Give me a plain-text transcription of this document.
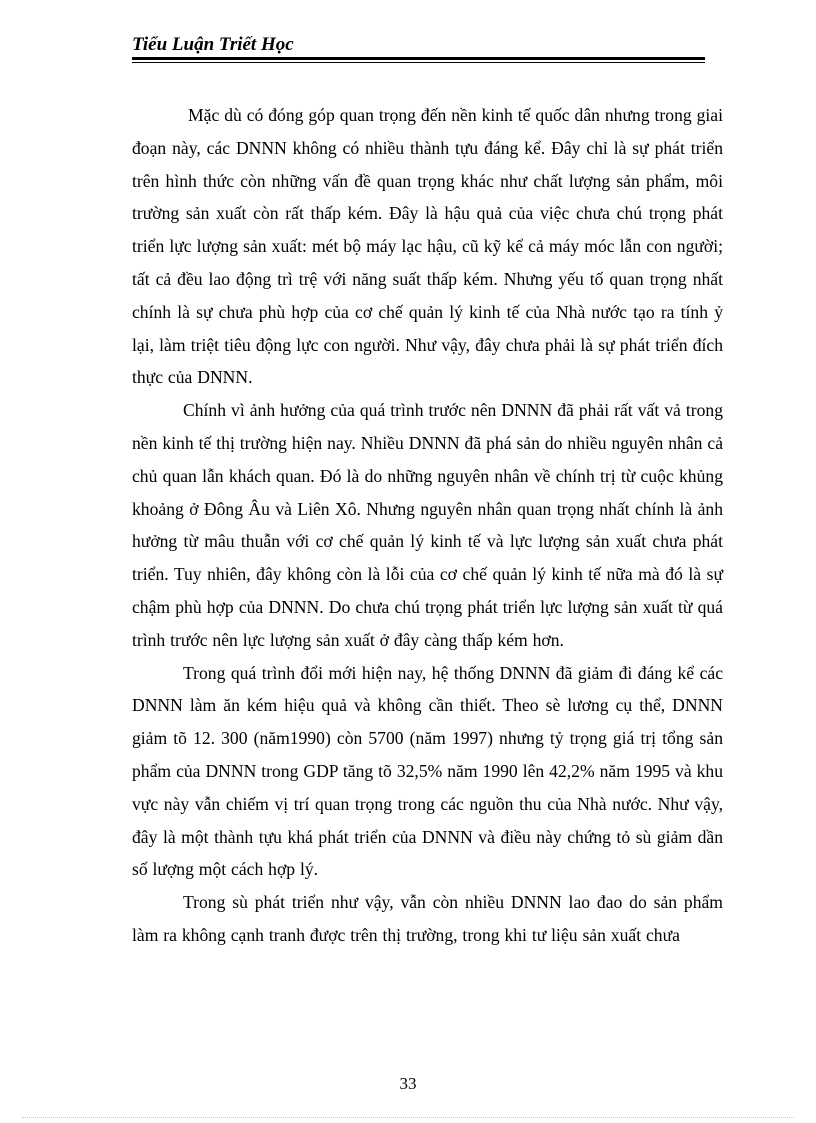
Tiểu Luận Triết Học

Mặc dù có đóng góp quan trọng đến nền kinh tế quốc dân nhưng trong giai đoạn này, các DNNN không có nhiều thành tựu đáng kể. Đây chỉ là sự phát triển trên hình thức còn những vấn đề quan trọng khác như chất lượng sản phẩm, môi trường sản xuất còn rất thấp kém. Đây là hậu quả của việc chưa chú trọng phát triển lực lượng sản xuất: mét bộ máy lạc hậu, cũ kỹ kể cả máy móc lẫn con người; tất cả đều lao động trì trệ với năng suất thấp kém. Nhưng yếu tố quan trọng nhất chính là sự chưa phù hợp của cơ chế quản lý kinh tế của Nhà nước tạo ra tính ỷ lại, làm triệt tiêu động lực con người. Như vậy, đây chưa phải là sự phát triển đích thực của DNNN.

Chính vì ảnh hưởng của quá trình trước nên DNNN đã phải rất vất vả trong nền kinh tế thị trường hiện nay. Nhiều DNNN đã phá sản do nhiều nguyên nhân cả chủ quan lẫn khách quan. Đó là do những nguyên nhân về chính trị từ cuộc khủng khoảng ở Đông Âu và Liên Xô. Nhưng nguyên nhân quan trọng nhất chính là ảnh hưởng từ mâu thuẫn với cơ chế quản lý kinh tế và lực lượng sản xuất chưa phát triển. Tuy nhiên, đây không còn là lỗi của cơ chế quản lý kinh tế nữa mà đó là sự chậm phù hợp của DNNN. Do chưa chú trọng phát triển lực lượng sản xuất từ quá trình trước nên lực lượng sản xuất ở đây càng thấp kém hơn.

Trong quá trình đổi mới hiện nay, hệ thống DNNN đã giảm đi đáng kể các DNNN làm ăn kém hiệu quả và không cần thiết. Theo sè lương cụ thể, DNNN giảm tõ 12. 300 (năm1990) còn 5700 (năm 1997) nhưng tỷ trọng giá trị tổng sản phẩm của DNNN trong GDP tăng tõ 32,5% năm 1990 lên 42,2% năm 1995 và khu vực này vẫn chiếm vị trí quan trọng trong các nguồn thu của Nhà nước. Như vậy, đây là một thành tựu khá phát triển của DNNN và điều này chứng tỏ sù giảm dần số lượng một cách hợp lý.

Trong sù phát triển như vậy, vẫn còn nhiều DNNN lao đao do sản phẩm làm ra không cạnh tranh được trên thị trường, trong khi tư liệu sản xuất chưa

33
